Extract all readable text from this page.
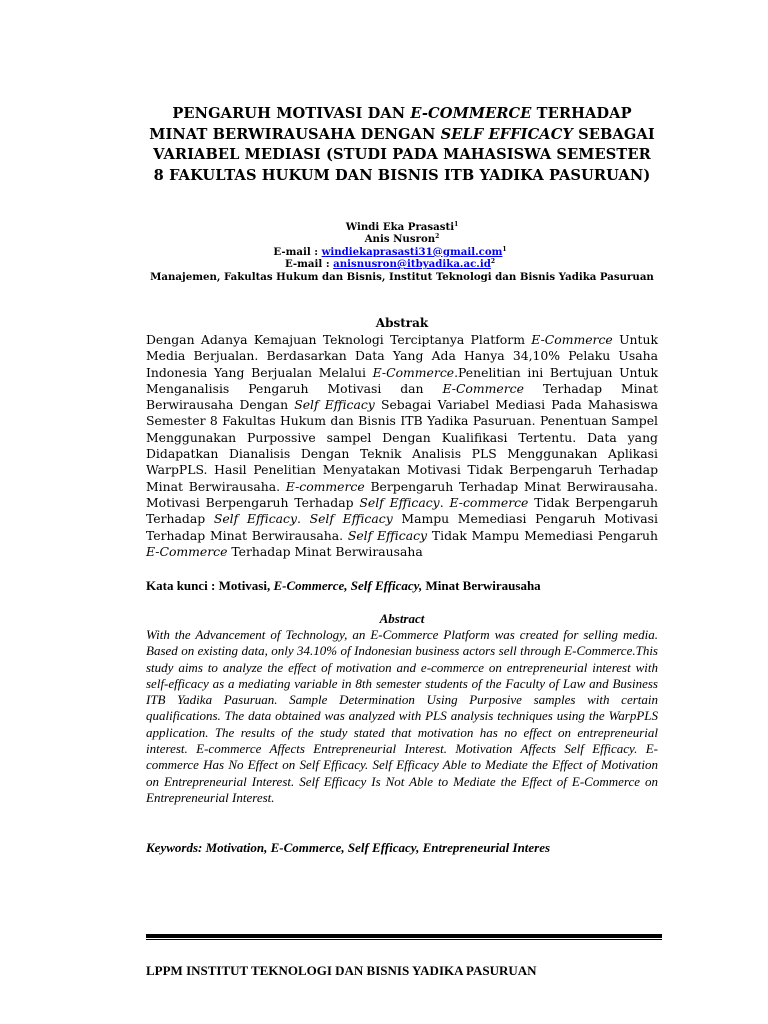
PENGARUH MOTIVASI DAN E-COMMERCE TERHADAP
MINAT BERWIRAUSAHA DENGAN SELF EFFICACY SEBAGAI
VARIABEL MEDIASI (STUDI PADA MAHASISWA SEMESTER
8 FAKULTAS HUKUM DAN BISNIS ITB YADIKA PASURUAN)
Windi Eka Prasasti$^1$
Anis Nusron$^2$
E-mail : windiekaprasasti31@gmail.com$^1$
E-mail : $anisnusron@itbyadika.ac.id^2$
Manajemen, Fakultas Hukum dan Bisnis, Institut Teknologi dan Bisnis Yadika Pasuruan
Abstrak
Dengan Adanya Kemajuan Teknologi Terciptanya Platform E-Commerce Untuk Media Berjualan. Berdasarkan Data Yang Ada Hanya 34,10% Pelaku Usaha Indonesia Yang Berjualan Melalui E-Commerce.Penelitian ini Bertujuan Untuk Menganalisis Pengaruh Motivasi dan E-Commerce Terhadap Minat Berwirausaha Dengan Self Efficacy Sebagai Variabel Mediasi Pada Mahasiswa Semester 8 Fakultas Hukum dan Bisnis ITB Yadika Pasuruan. Penentuan Sampel Menggunakan Purpossive sampel Dengan Kualifikasi Tertentu. Data yang Didapatkan Dianalisis Dengan Teknik Analisis PLS Menggunakan Aplikasi WarpPLS. Hasil Penelitian Menyatakan Motivasi Tidak Berpengaruh Terhadap Minat Berwirausaha. E-commerce Berpengaruh Terhadap Minat Berwirausaha. Motivasi Berpengaruh Terhadap Self Efficacy. E-commerce Tidak Berpengaruh Terhadap Self Efficacy. Self Efficacy Mampu Memediasi Pengaruh Motivasi Terhadap Minat Berwirausaha. Self Efficacy Tidak Mampu Memediasi Pengaruh E-Commerce Terhadap Minat Berwirausaha
Kata kunci : Motivasi, E-Commerce, Self Efficacy, Minat Berwirausaha
Abstract
With the Advancement of Technology, an E-Commerce Platform was created for selling media. Based on existing data, only 34.10% of Indonesian business actors sell through E-Commerce.This study aims to analyze the effect of motivation and e-commerce on entrepreneurial interest with self-efficacy as a mediating variable in 8th semester students of the Faculty of Law and Business ITB Yadika Pasuruan. Sample Determination Using Purposive samples with certain qualifications. The data obtained was analyzed with PLS analysis techniques using the WarpPLS application. The results of the study stated that motivation has no effect on entrepreneurial interest. E-commerce Affects Entrepreneurial Interest. Motivation Affects Self Efficacy. E-commerce Has No Effect on Self Efficacy. Self Efficacy Able to Mediate the Effect of Motivation on Entrepreneurial Interest. Self Efficacy Is Not Able to Mediate the Effect of E-Commerce on Entrepreneurial Interest.
Keywords: Motivation, E-Commerce, Self Efficacy, Entrepreneurial Interes
LPPM INSTITUT TEKNOLOGI DAN BISNIS YADIKA PASURUAN
